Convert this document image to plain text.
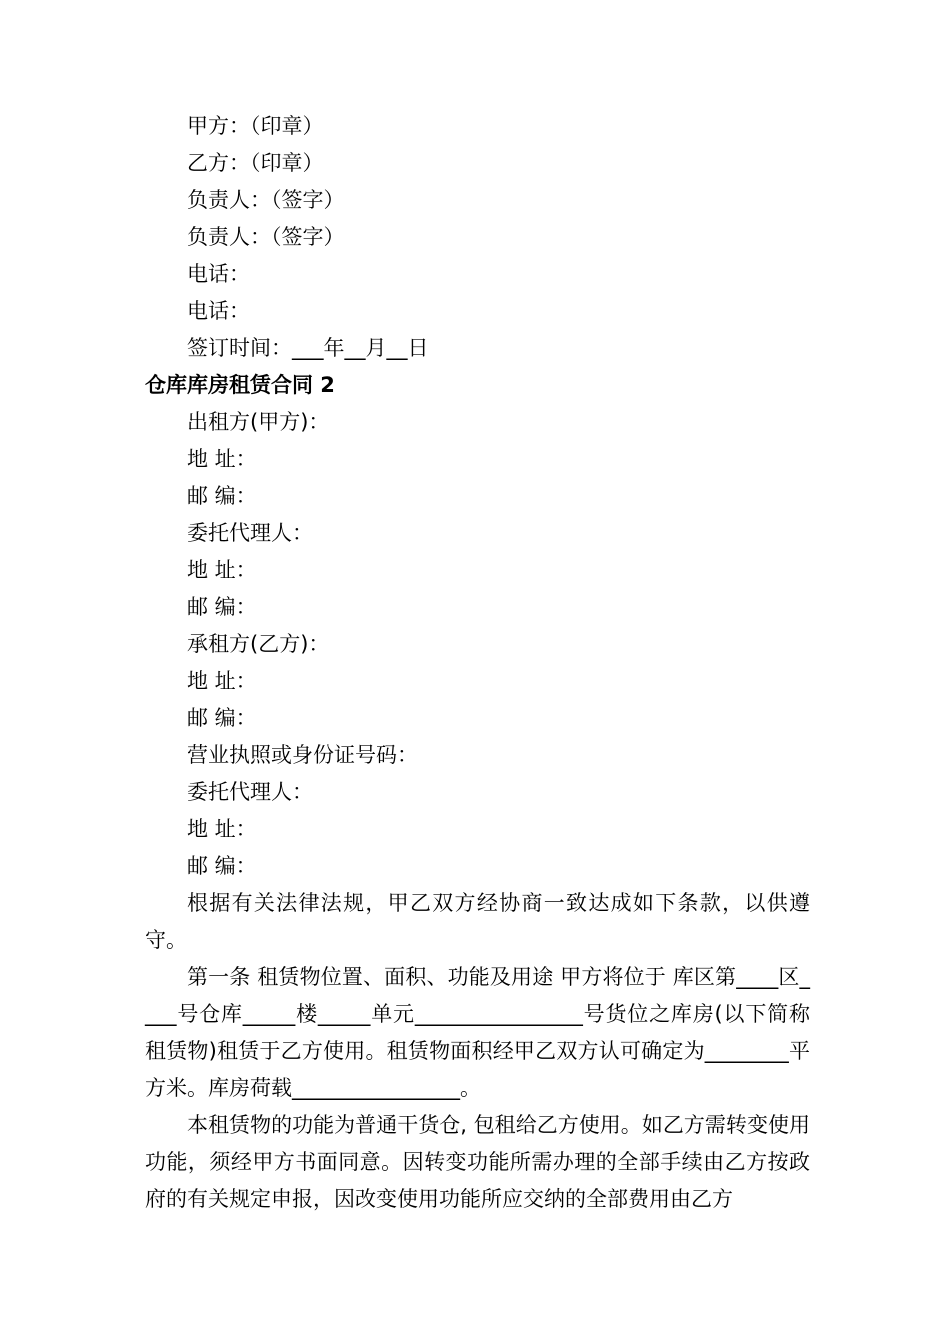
甲方：（印章）
乙方：（印章）
负责人：（签字）
负责人：（签字）
电话：
电话：
签订时间：___年__月__日
仓库库房租赁合同 2
出租方(甲方)：
地 址：
邮 编：
委托代理人：
地 址：
邮 编：
承租方(乙方)：
地 址：
邮 编：
营业执照或身份证号码：
委托代理人：
地 址：
邮 编：

根据有关法律法规，甲乙双方经协商一致达成如下条款，以供遵守。

第一条 租赁物位置、面积、功能及用途 甲方将位于 库区第____区____号仓库_____楼_____单元________________号货位之库房(以下简称租赁物)租赁于乙方使用。租赁物面积经甲乙双方认可确定为________平方米。库房荷载________________。

本租赁物的功能为普通干货仓, 包租给乙方使用。如乙方需转变使用功能，须经甲方书面同意。因转变功能所需办理的全部手续由乙方按政府的有关规定申报，因改变使用功能所应交纳的全部费用由乙方
